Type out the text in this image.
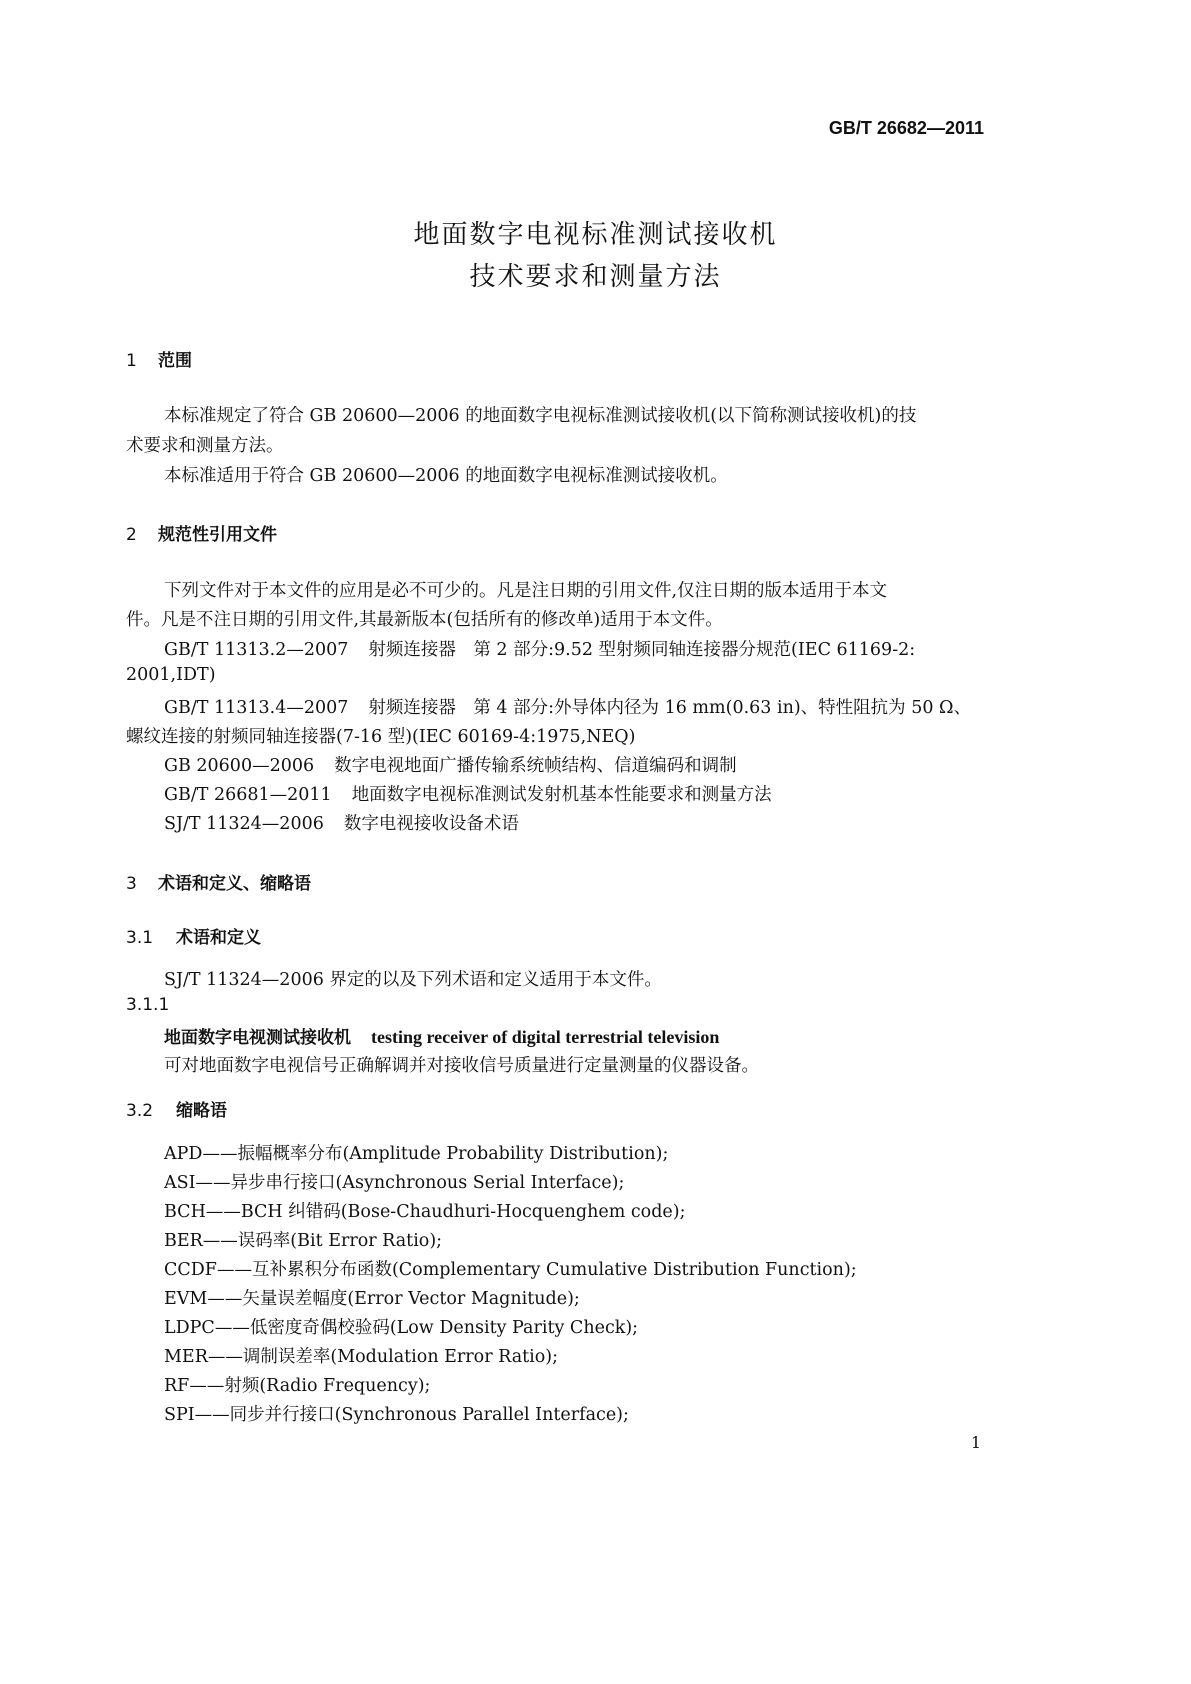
GB/T 26682—2011
地面数字电视标准测试接收机
技术要求和测量方法
1 范围
本标准规定了符合 GB 20600—2006 的地面数字电视标准测试接收机(以下简称测试接收机)的技
术要求和测量方法。
本标准适用于符合 GB 20600—2006 的地面数字电视标准测试接收机。
2 规范性引用文件
下列文件对于本文件的应用是必不可少的。凡是注日期的引用文件,仅注日期的版本适用于本文
件。凡是不注日期的引用文件,其最新版本(包括所有的修改单)适用于本文件。
GB/T 11313.2—2007 射频连接器　第 2 部分:9.52 型射频同轴连接器分规范(IEC 61169-2:
2001,IDT)
GB/T 11313.4—2007 射频连接器　第 4 部分:外导体内径为 16 mm(0.63 in)、特性阻抗为 50 Ω、
螺纹连接的射频同轴连接器(7-16 型)(IEC 60169-4:1975,NEQ)
GB 20600—2006 数字电视地面广播传输系统帧结构、信道编码和调制
GB/T 26681—2011 地面数字电视标准测试发射机基本性能要求和测量方法
SJ/T 11324—2006 数字电视接收设备术语
3 术语和定义、缩略语
3.1 术语和定义
SJ/T 11324—2006 界定的以及下列术语和定义适用于本文件。
3.1.1
地面数字电视测试接收机 testing receiver of digital terrestrial television
可对地面数字电视信号正确解调并对接收信号质量进行定量测量的仪器设备。
3.2 缩略语
APD——振幅概率分布(Amplitude Probability Distribution);
ASI——异步串行接口(Asynchronous Serial Interface);
BCH——BCH 纠错码(Bose-Chaudhuri-Hocquenghem code);
BER——误码率(Bit Error Ratio);
CCDF——互补累积分布函数(Complementary Cumulative Distribution Function);
EVM——矢量误差幅度(Error Vector Magnitude);
LDPC——低密度奇偶校验码(Low Density Parity Check);
MER——调制误差率(Modulation Error Ratio);
RF——射频(Radio Frequency);
SPI——同步并行接口(Synchronous Parallel Interface);
1
